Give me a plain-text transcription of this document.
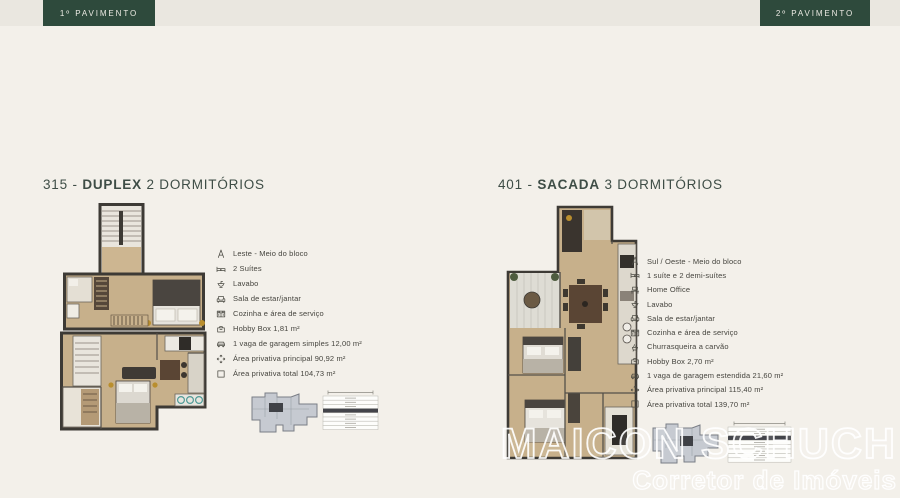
1º PAVIMENTO	2º PAVIMENTO
315 - DUPLEX 2 DORMITÓRIOS	401 - SACADA 3 DORMITÓRIOS
Leste - Meio do bloco
2 Suítes
Lavabo
Sala de estar/jantar
Cozinha e área de serviço
Hobby Box 1,81 m²
1 vaga de garagem simples 12,00 m²
Área privativa principal 90,92 m²
Área privativa total 104,73 m²
Sul / Oeste - Meio do bloco
1 suíte e 2 demi-suítes
Home Office
Lavabo
Sala de estar/jantar
Cozinha e área de serviço
Churrasqueira a carvão
Hobby Box 2,70 m²
1 vaga de garagem estendida 21,60 m²
Área privativa principal 115,40 m²
Área privativa total 139,70 m²
SCHUCH
Corretor de Imóveis
